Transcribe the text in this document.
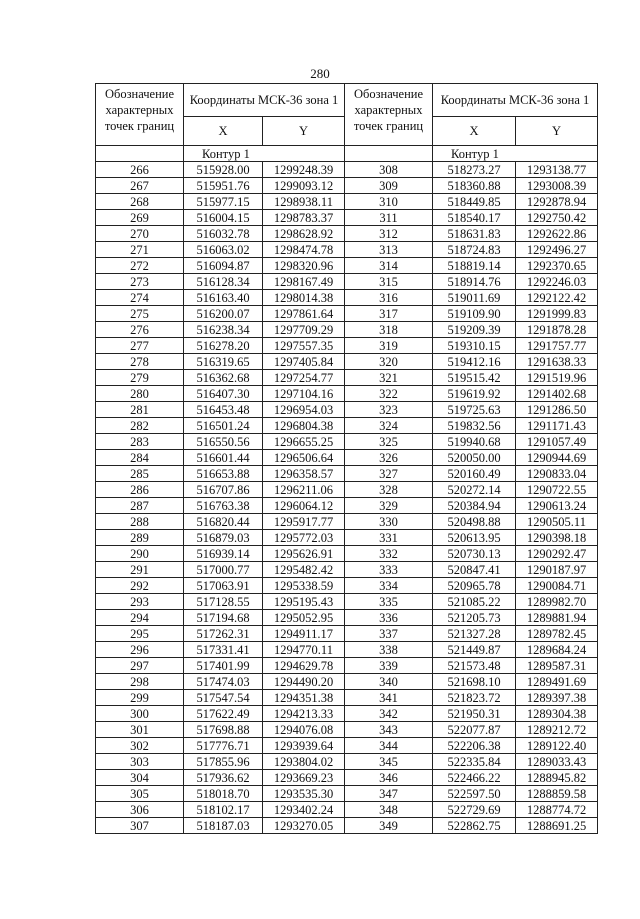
280
Обозначение характерных точек границ	Координаты МСК-36 зона 1	
	X	Y
	Контур 1	
266	515928.00	1299248.39
267	515951.76	1299093.12
268	515977.15	1298938.11
269	516004.15	1298783.37
270	516032.78	1298628.92
271	516063.02	1298474.78
272	516094.87	1298320.96
273	516128.34	1298167.49
274	516163.40	1298014.38
275	516200.07	1297861.64
276	516238.34	1297709.29
277	516278.20	1297557.35
278	516319.65	1297405.84
279	516362.68	1297254.77
280	516407.30	1297104.16
281	516453.48	1296954.03
282	516501.24	1296804.38
283	516550.56	1296655.25
284	516601.44	1296506.64
285	516653.88	1296358.57
286	516707.86	1296211.06
287	516763.38	1296064.12
288	516820.44	1295917.77
289	516879.03	1295772.03
290	516939.14	1295626.91
291	517000.77	1295482.42
292	517063.91	1295338.59
293	517128.55	1295195.43
294	517194.68	1295052.95
295	517262.31	1294911.17
296	517331.41	1294770.11
297	517401.99	1294629.78
298	517474.03	1294490.20
299	517547.54	1294351.38
300	517622.49	1294213.33
301	517698.88	1294076.08
302	517776.71	1293939.64
303	517855.96	1293804.02
304	517936.62	1293669.23
305	518018.70	1293535.30
306	518102.17	1293402.24
307	518187.03	1293270.05
Обозначение характерных точек границ	Координаты МСК-36 зона 1	
	X	Y
	Контур 1	
308	518273.27	1293138.77
309	518360.88	1293008.39
310	518449.85	1292878.94
311	518540.17	1292750.42
312	518631.83	1292622.86
313	518724.83	1292496.27
314	518819.14	1292370.65
315	518914.76	1292246.03
316	519011.69	1292122.42
317	519109.90	1291999.83
318	519209.39	1291878.28
319	519310.15	1291757.77
320	519412.16	1291638.33
321	519515.42	1291519.96
322	519619.92	1291402.68
323	519725.63	1291286.50
324	519832.56	1291171.43
325	519940.68	1291057.49
326	520050.00	1290944.69
327	520160.49	1290833.04
328	520272.14	1290722.55
329	520384.94	1290613.24
330	520498.88	1290505.11
331	520613.95	1290398.18
332	520730.13	1290292.47
333	520847.41	1290187.97
334	520965.78	1290084.71
335	521085.22	1289982.70
336	521205.73	1289881.94
337	521327.28	1289782.45
338	521449.87	1289684.24
339	521573.48	1289587.31
340	521698.10	1289491.69
341	521823.72	1289397.38
342	521950.31	1289304.38
343	522077.87	1289212.72
344	522206.38	1289122.40
345	522335.84	1289033.43
346	522466.22	1288945.82
347	522597.50	1288859.58
348	522729.69	1288774.72
349	522862.75	1288691.25
